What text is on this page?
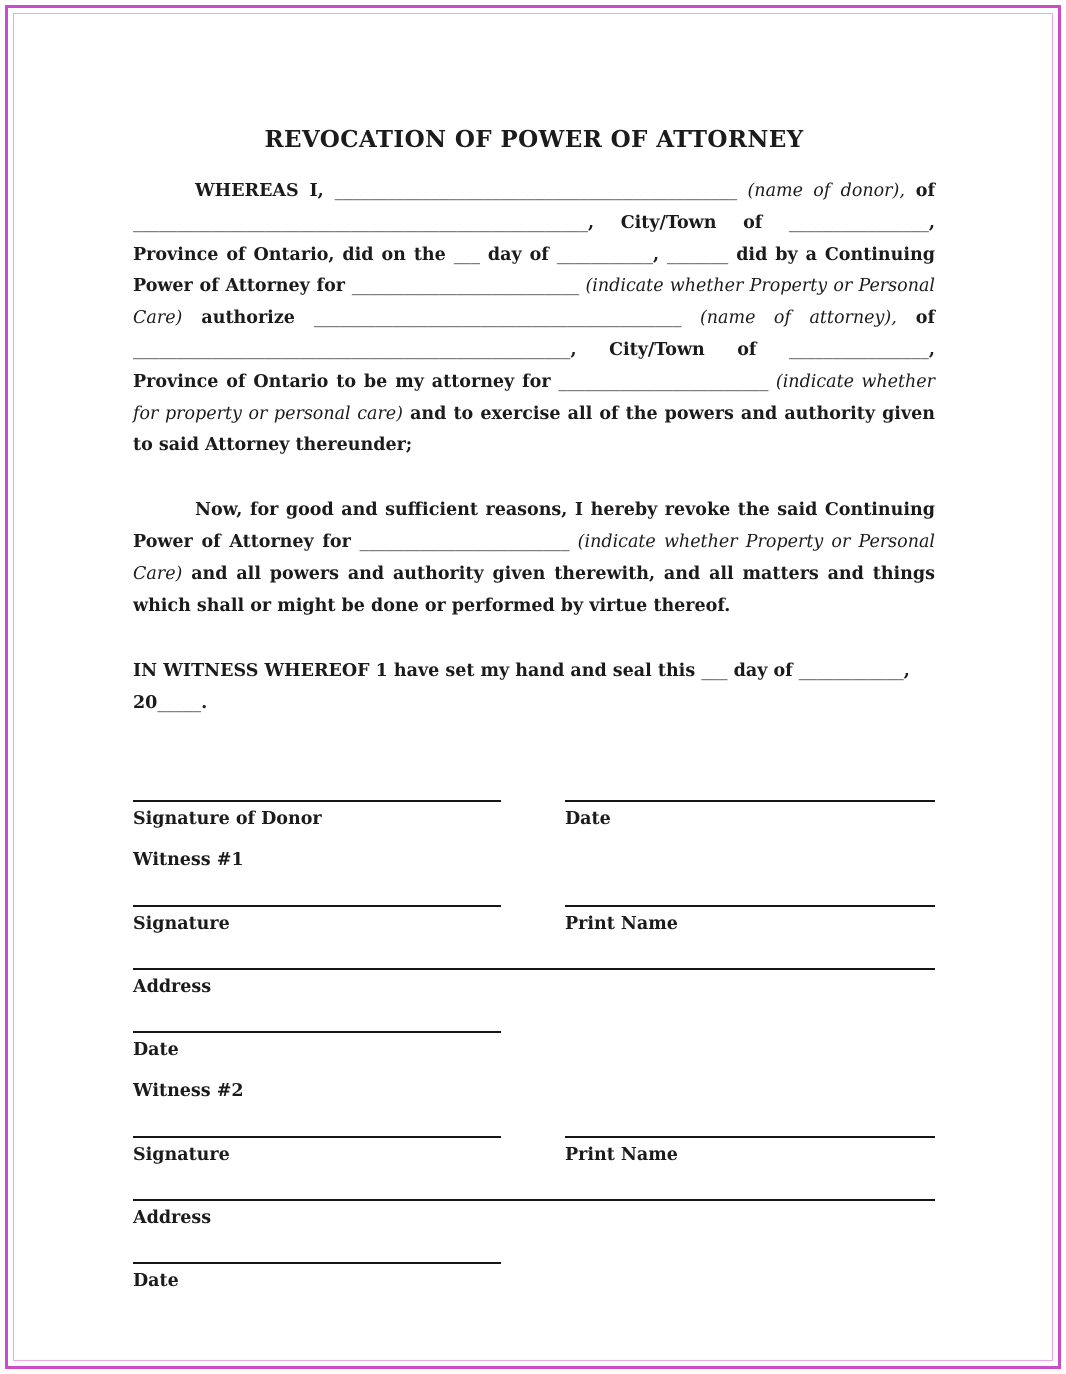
REVOCATION OF POWER OF ATTORNEY

WHEREAS I, ______________________________________________ (name of donor), of ____________________________________________________, City/Town of ________________, Province of Ontario, did on the ___ day of ___________, _______ did by a Continuing Power of Attorney for __________________________ (indicate whether Property or Personal Care) authorize __________________________________________ (name of attorney), of __________________________________________________, City/Town of ________________, Province of Ontario to be my attorney for ________________________ (indicate whether for property or personal care) and to exercise all of the powers and authority given to said Attorney thereunder;

Now, for good and sufficient reasons, I hereby revoke the said Continuing Power of Attorney for ________________________ (indicate whether Property or Personal Care) and all powers and authority given therewith, and all matters and things which shall or might be done or performed by virtue thereof.

IN WITNESS WHEREOF 1 have set my hand and seal this ___ day of ____________, 20_____.

Signature of Donor	Date
Witness #1
Signature	Print Name
Address
Date
Witness #2
Signature	Print Name
Address
Date
